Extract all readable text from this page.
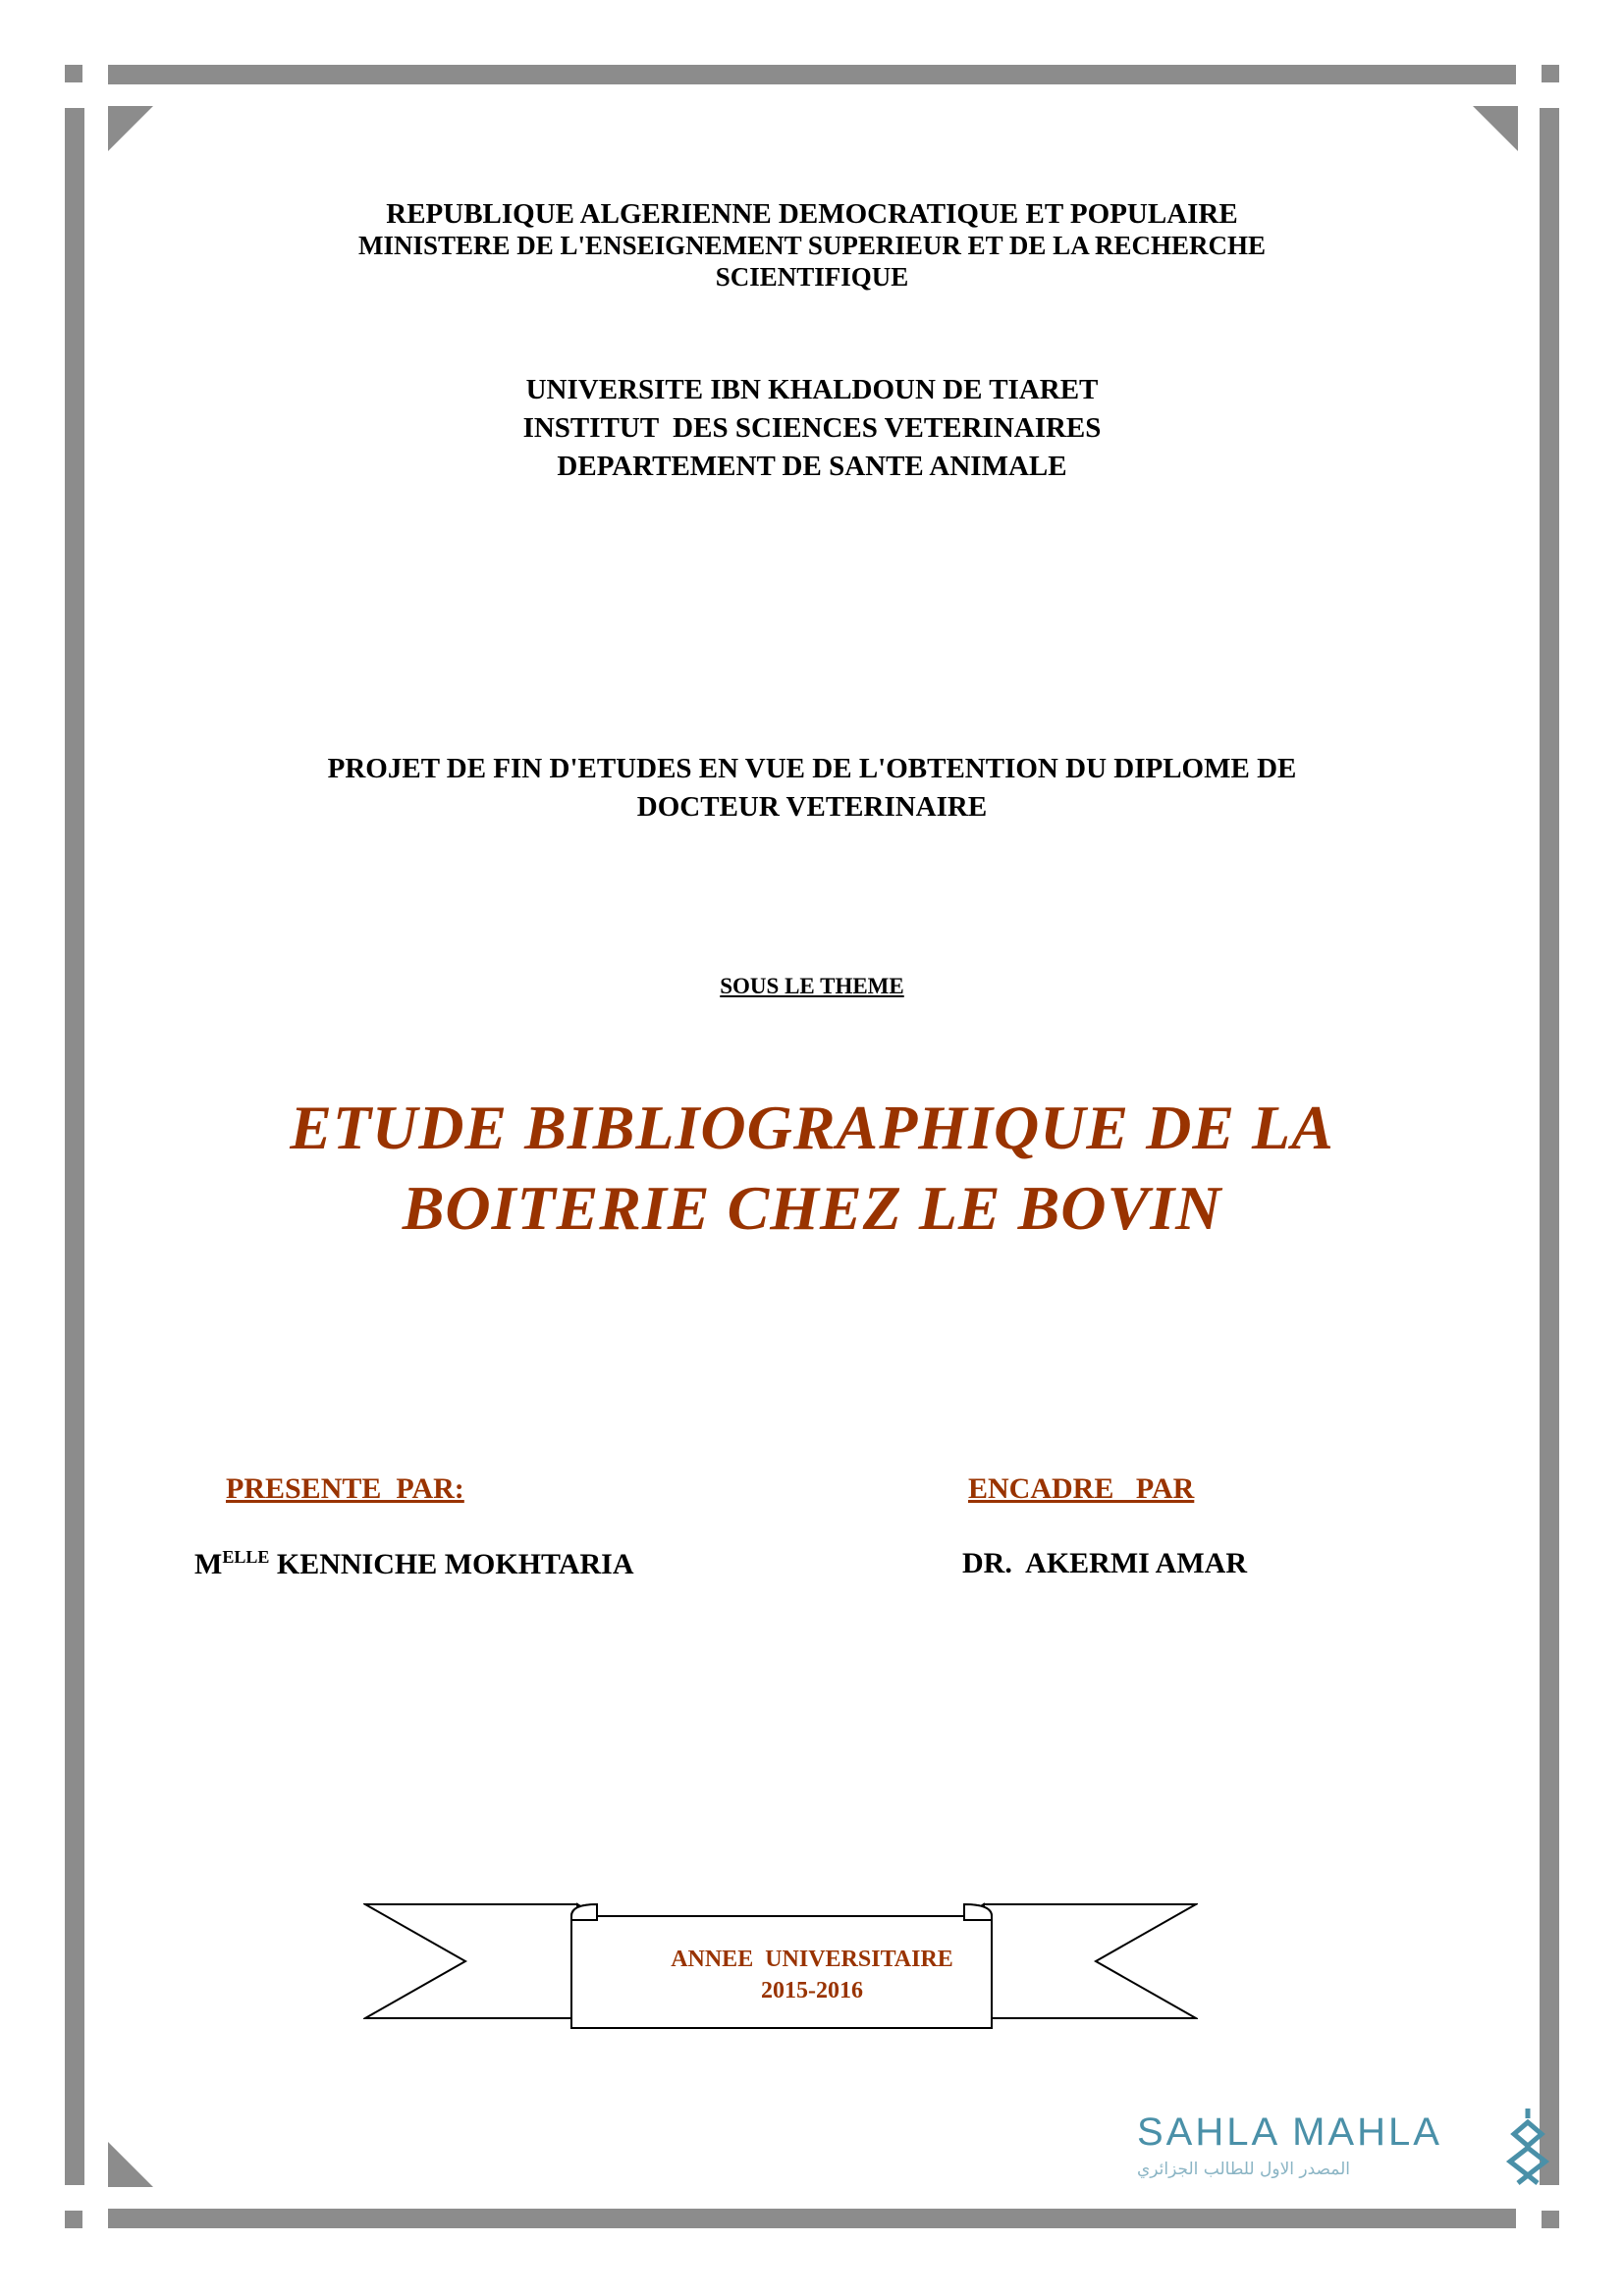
REPUBLIQUE ALGERIENNE DEMOCRATIQUE ET POPULAIRE
MINISTERE DE L'ENSEIGNEMENT SUPERIEUR ET DE LA RECHERCHE
SCIENTIFIQUE
UNIVERSITE IBN KHALDOUN DE TIARET
INSTITUT  DES SCIENCES VETERINAIRES
DEPARTEMENT DE SANTE ANIMALE
PROJET DE FIN D'ETUDES EN VUE DE L'OBTENTION DU DIPLOME DE
DOCTEUR VETERINAIRE
SOUS LE THEME
ETUDE BIBLIOGRAPHIQUE DE LA
BOITERIE CHEZ LE BOVIN
PRESENTE  PAR:	ENCADRE   PAR
$M^{ELLE}$ KENNICHE MOKHTARIA	DR.  AKERMI AMAR
ANNEE  UNIVERSITAIRE
2015-2016
SAHLA MAHLA
المصدر الاول للطالب الجزائري
